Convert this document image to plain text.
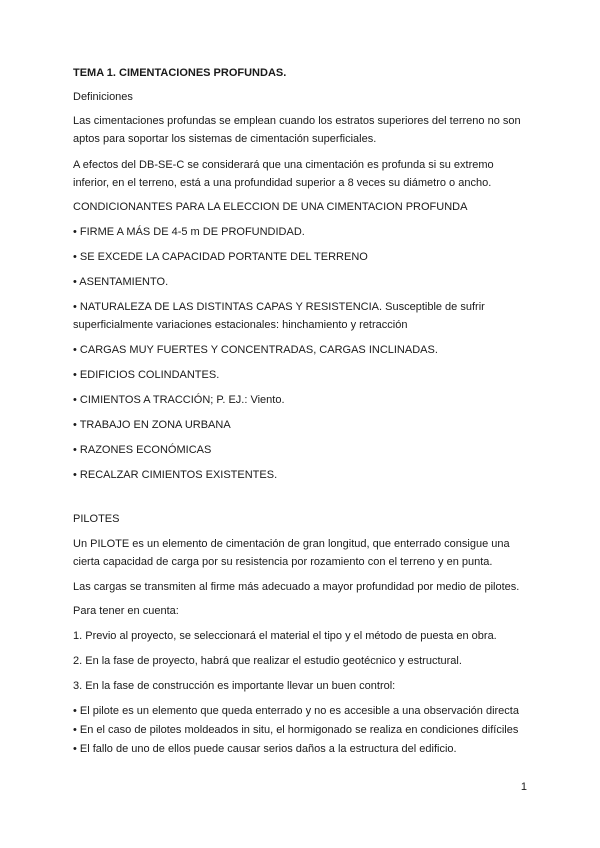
TEMA 1. CIMENTACIONES PROFUNDAS.

Definiciones

Las cimentaciones profundas se emplean cuando los estratos superiores del terreno no son aptos para soportar los sistemas de cimentación superficiales.

A efectos del DB-SE-C se considerará que una cimentación es profunda si su extremo inferior, en el terreno, está a una profundidad superior a 8 veces su diámetro o ancho.

CONDICIONANTES PARA LA ELECCION DE UNA CIMENTACION PROFUNDA

• FIRME A MÁS DE 4-5 m DE PROFUNDIDAD.

• SE EXCEDE LA CAPACIDAD PORTANTE DEL TERRENO

• ASENTAMIENTO.

• NATURALEZA DE LAS DISTINTAS CAPAS Y RESISTENCIA. Susceptible de sufrir superficialmente variaciones estacionales: hinchamiento y retracción

• CARGAS MUY FUERTES Y CONCENTRADAS, CARGAS INCLINADAS.

• EDIFICIOS COLINDANTES.

• CIMIENTOS A TRACCIÓN; P. EJ.: Viento.

• TRABAJO EN ZONA URBANA

• RAZONES ECONÓMICAS

• RECALZAR CIMIENTOS EXISTENTES.

PILOTES

Un PILOTE es un elemento de cimentación de gran longitud, que enterrado consigue una cierta capacidad de carga por su resistencia por rozamiento con el terreno y en punta.

Las cargas se transmiten al firme más adecuado a mayor profundidad por medio de pilotes.

Para tener en cuenta:

1. Previo al proyecto, se seleccionará el material el tipo y el método de puesta en obra.

2. En la fase de proyecto, habrá que realizar el estudio geotécnico y estructural.

3. En la fase de construcción es importante llevar un buen control:

• El pilote es un elemento que queda enterrado y no es accesible a una observación directa

• En el caso de pilotes moldeados in situ, el hormigonado se realiza en condiciones difíciles

• El fallo de uno de ellos puede causar serios daños a la estructura del edificio.

1
